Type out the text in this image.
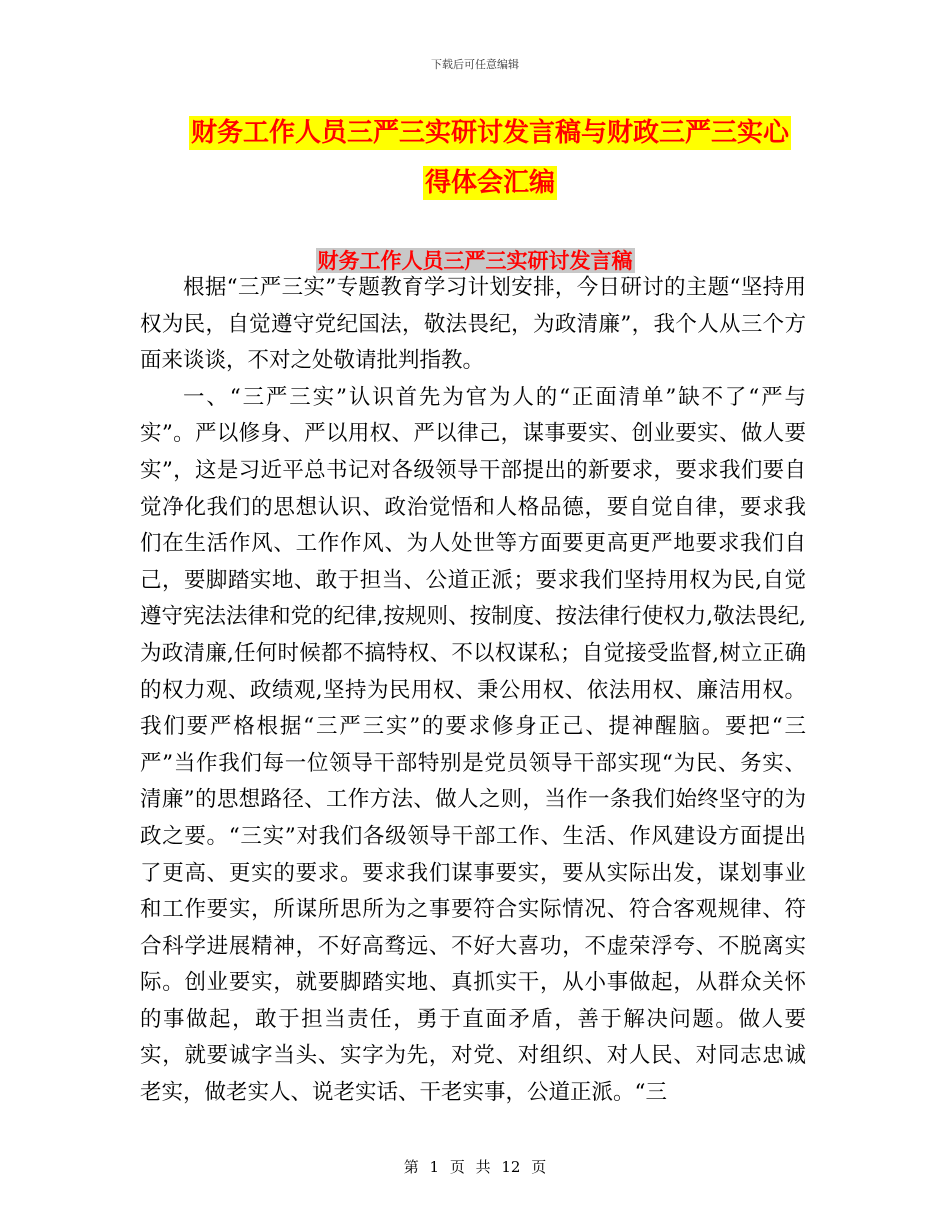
下载后可任意编辑
财务工作人员三严三实研讨发言稿与财政三严三实心
得体会汇编
财务工作人员三严三实研讨发言稿

根据“三严三实”专题教育学习计划安排，今日研讨的主题“坚持用权为民，自觉遵守党纪国法，敬法畏纪，为政清廉”，我个人从三个方面来谈谈，不对之处敬请批判指教。

一、“三严三实”认识首先为官为人的“正面清单”缺不了“严与实”。严以修身、严以用权、严以律己，谋事要实、创业要实、做人要实”，这是习近平总书记对各级领导干部提出的新要求，要求我们要自觉净化我们的思想认识、政治觉悟和人格品德，要自觉自律，要求我们在生活作风、工作作风、为人处世等方面要更高更严地要求我们自己，要脚踏实地、敢于担当、公道正派；要求我们坚持用权为民,自觉遵守宪法法律和党的纪律,按规则、按制度、按法律行使权力,敬法畏纪,为政清廉,任何时候都不搞特权、不以权谋私；自觉接受监督,树立正确的权力观、政绩观,坚持为民用权、秉公用权、依法用权、廉洁用权。我们要严格根据“三严三实”的要求修身正己、提神醒脑。要把“三严”当作我们每一位领导干部特别是党员领导干部实现“为民、务实、清廉”的思想路径、工作方法、做人之则，当作一条我们始终坚守的为政之要。“三实”对我们各级领导干部工作、生活、作风建设方面提出了更高、更实的要求。要求我们谋事要实，要从实际出发，谋划事业和工作要实，所谋所思所为之事要符合实际情况、符合客观规律、符合科学进展精神，不好高骛远、不好大喜功，不虚荣浮夸、不脱离实际。创业要实，就要脚踏实地、真抓实干，从小事做起，从群众关怀的事做起，敢于担当责任，勇于直面矛盾，善于解决问题。做人要实，就要诚字当头、实字为先，对党、对组织、对人民、对同志忠诚老实，做老实人、说老实话、干老实事，公道正派。“三

第 1 页 共 12 页
